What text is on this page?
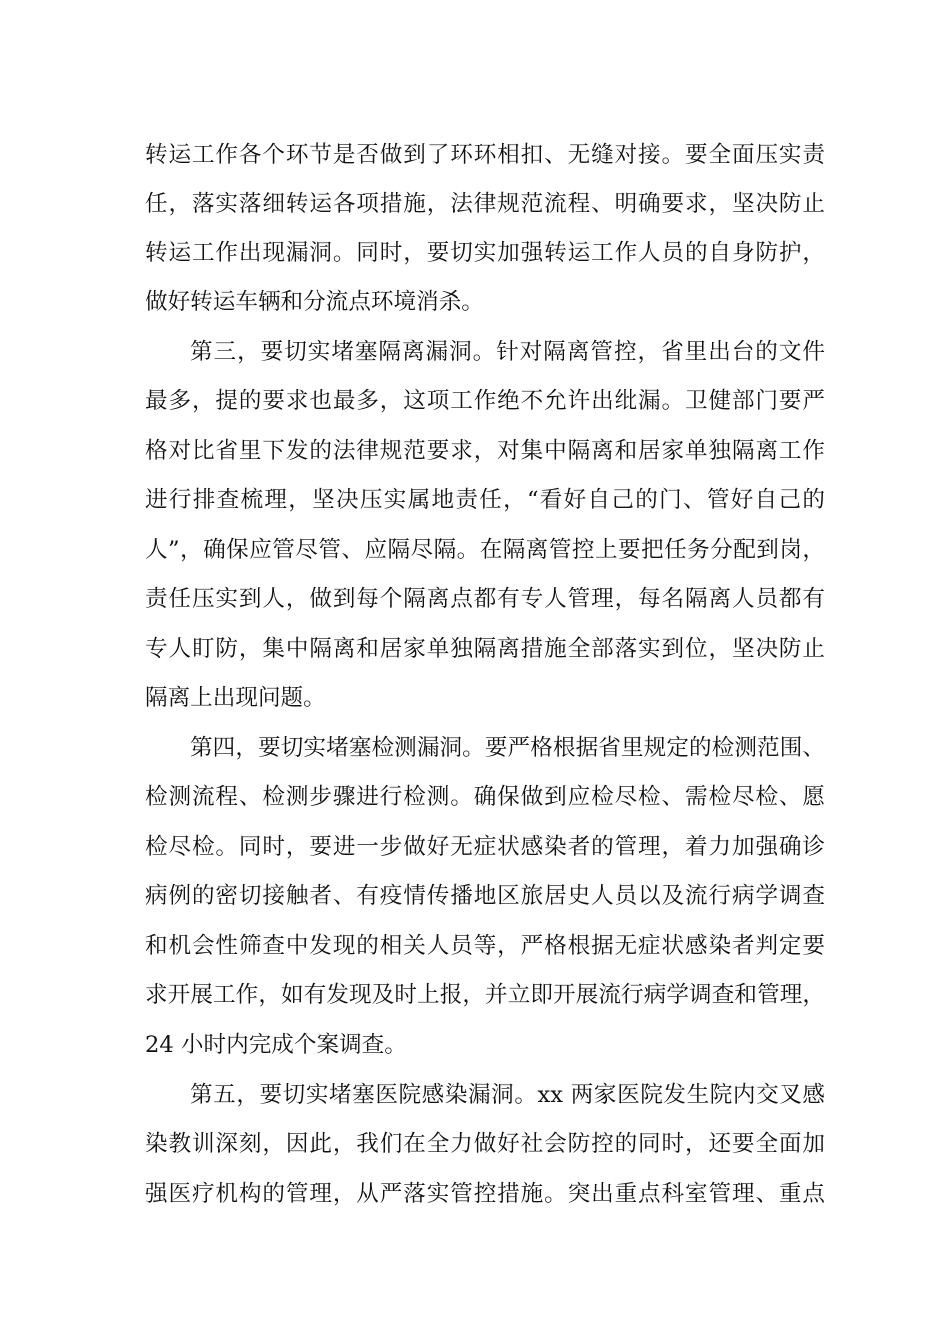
转运工作各个环节是否做到了环环相扣、无缝对接。要全面压实责
任，落实落细转运各项措施，法律规范流程、明确要求，坚决防止
转运工作出现漏洞。同时，要切实加强转运工作人员的自身防护，
做好转运车辆和分流点环境消杀。
第三，要切实堵塞隔离漏洞。针对隔离管控，省里出台的文件
最多，提的要求也最多，这项工作绝不允许出纰漏。卫健部门要严
格对比省里下发的法律规范要求，对集中隔离和居家单独隔离工作
进行排查梳理，坚决压实属地责任，“看好自己的门、管好自己的
人”，确保应管尽管、应隔尽隔。在隔离管控上要把任务分配到岗，
责任压实到人，做到每个隔离点都有专人管理，每名隔离人员都有
专人盯防，集中隔离和居家单独隔离措施全部落实到位，坚决防止
隔离上出现问题。
第四，要切实堵塞检测漏洞。要严格根据省里规定的检测范围、
检测流程、检测步骤进行检测。确保做到应检尽检、需检尽检、愿
检尽检。同时，要进一步做好无症状感染者的管理，着力加强确诊
病例的密切接触者、有疫情传播地区旅居史人员以及流行病学调查
和机会性筛查中发现的相关人员等，严格根据无症状感染者判定要
求开展工作，如有发现及时上报，并立即开展流行病学调查和管理，
24 小时内完成个案调查。
第五，要切实堵塞医院感染漏洞。xx 两家医院发生院内交叉感
染教训深刻，因此，我们在全力做好社会防控的同时，还要全面加
强医疗机构的管理，从严落实管控措施。突出重点科室管理、重点
